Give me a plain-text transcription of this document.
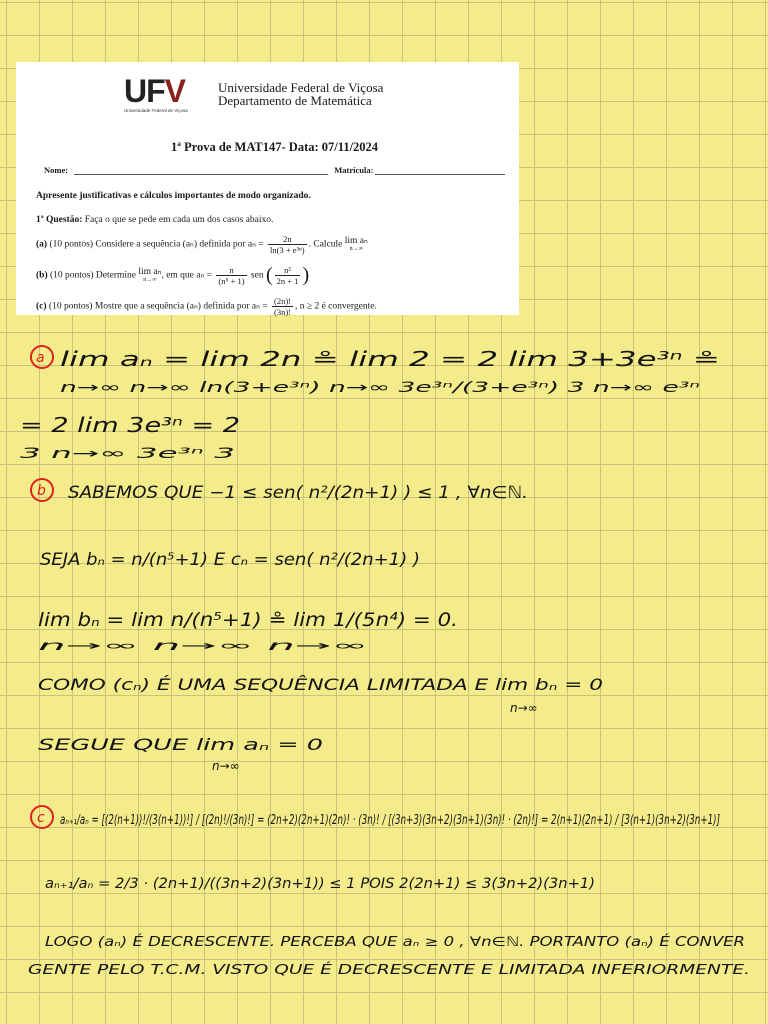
UFV
Universidade Federal de Viçosa
Universidade Federal de Viçosa
Departamento de Matemática
1ª Prova de MAT147- Data: 07/11/2024
Nome:	Matrícula:
Apresente justificativas e cálculos importantes de modo organizado.
1ª Questão: Faça o que se pede em cada um dos casos abaixo.
(a) (10 pontos) Considere a sequência (aₙ) definida por $a_n = \frac{2n}{\text{ln(3 + e³ⁿ)}}$ . Calcule lim aₙ
n→∞
(b) (10 pontos) Determine lim aₙ
n→∞ , em que $a_n = \frac{n}{\text{(n⁵ + 1)}}$ sen ( $\frac{\text{n²}}{2n + 1}$ )
(c) (10 pontos) Mostre que a sequência (aₙ) definida por $a_n = \frac{(2n)!}{(3n)!}$ , n ≥ 2 é convergente.
a lim aₙ = lim 2n ≗ lim 2 = 2 lim 3+3e³ⁿ ≗
n→∞ n→∞ ln(3+e³ⁿ) n→∞ 3e³ⁿ/(3+e³ⁿ) 3 n→∞ e³ⁿ
= 2 lim 3e³ⁿ = 2
3 n→∞ 3e³ⁿ 3
b SABEMOS QUE −1 ≤ sen( n²/(2n+1) ) ≤ 1 , ∀n∈ℕ.
SEJA bₙ = n/(n⁵+1) E cₙ = sen( n²/(2n+1) )
lim bₙ = lim n/(n⁵+1) ≗ lim 1/(5n⁴) = 0.
n→∞ n→∞ n→∞
COMO (cₙ) É UMA SEQUÊNCIA LIMITADA E lim bₙ = 0
n→∞
SEGUE QUE lim aₙ = 0
n→∞
c aₙ₊₁/aₙ = [(2(n+1))!/(3(n+1))!] / [(2n)!/(3n)!] = (2n+2)(2n+1)(2n)! · (3n)! / [(3n+3)(3n+2)(3n+1)(3n)! · (2n)!] = 2(n+1)(2n+1) / [3(n+1)(3n+2)(3n+1)]
aₙ₊₁/aₙ = 2/3 · (2n+1)/((3n+2)(3n+1)) ≤ 1 POIS 2(2n+1) ≤ 3(3n+2)(3n+1)
LOGO (aₙ) É DECRESCENTE. PERCEBA QUE aₙ ≥ 0 , ∀n∈ℕ. PORTANTO (aₙ) É CONVER
GENTE PELO T.C.M. VISTO QUE É DECRESCENTE E LIMITADA INFERIORMENTE.
